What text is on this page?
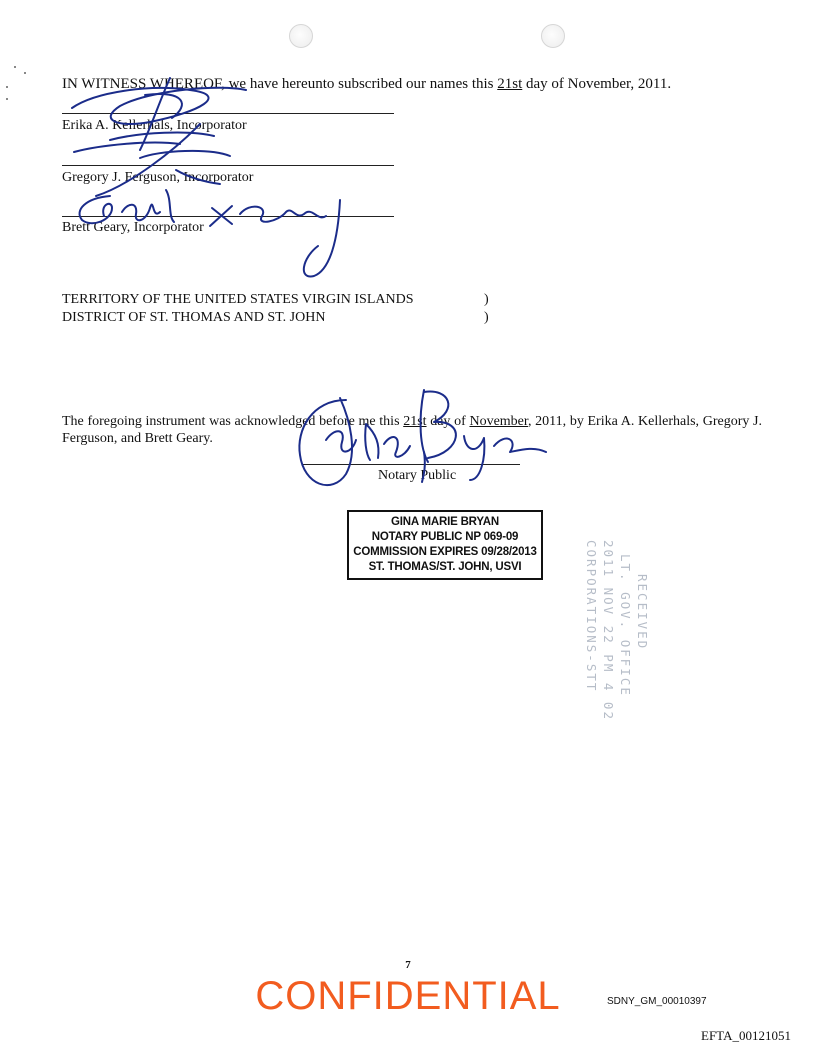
IN WITNESS WHEREOF, we have hereunto subscribed our names this 21st day of November, 2011.
Erika A. Kellerhals, Incorporator
Gregory J. Ferguson, Incorporator
Brett Geary, Incorporator
TERRITORY OF THE UNITED STATES VIRGIN ISLANDS
DISTRICT OF ST. THOMAS AND ST. JOHN
)
)
The foregoing instrument was acknowledged before me this 21st day of November, 2011, by Erika A. Kellerhals, Gregory J. Ferguson, and Brett Geary.
Notary Public
GINA MARIE BRYAN
NOTARY PUBLIC NP 069-09
COMMISSION EXPIRES 09/28/2013
ST. THOMAS/ST. JOHN, USVI
RECEIVED
LT. GOV. OFFICE
2011 NOV 22 PM 4 02
CORPORATIONS-STT
7
CONFIDENTIAL	SDNY_GM_00010397
EFTA_00121051
